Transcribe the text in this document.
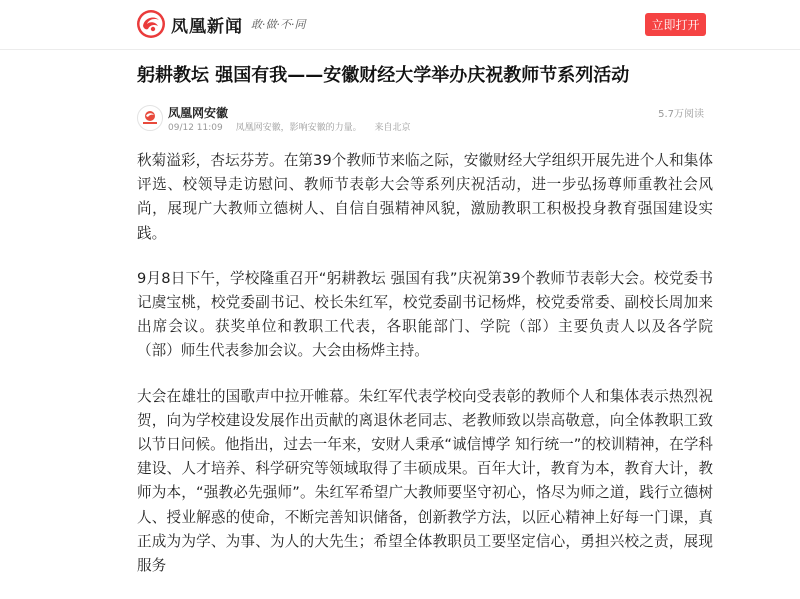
凤凰新闻 敢·做·不·同	立即打开
躬耕教坛 强国有我——安徽财经大学举办庆祝教师节系列活动
凤凰网安徽
09/12 11:09 凤凰网安徽，影响安徽的力量。 来自北京
5.7万阅读

秋菊溢彩，杏坛芬芳。在第39个教师节来临之际，安徽财经大学组织开展先进个人和集体评选、校领导走访慰问、教师节表彰大会等系列庆祝活动，进一步弘扬尊师重教社会风尚，展现广大教师立德树人、自信自强精神风貌，激励教职工积极投身教育强国建设实践。

9月8日下午，学校隆重召开“躬耕教坛 强国有我”庆祝第39个教师节表彰大会。校党委书记虞宝桃，校党委副书记、校长朱红军，校党委副书记杨烨，校党委常委、副校长周加来出席会议。获奖单位和教职工代表，各职能部门、学院（部）主要负责人以及各学院（部）师生代表参加会议。大会由杨烨主持。

大会在雄壮的国歌声中拉开帷幕。朱红军代表学校向受表彰的教师个人和集体表示热烈祝贺，向为学校建设发展作出贡献的离退休老同志、老教师致以崇高敬意，向全体教职工致以节日问候。他指出，过去一年来，安财人秉承“诚信博学 知行统一”的校训精神，在学科建设、人才培养、科学研究等领域取得了丰硕成果。百年大计，教育为本，教育大计，教师为本，“强教必先强师”。朱红军希望广大教师要坚守初心，恪尽为师之道，践行立德树人、授业解惑的使命，不断完善知识储备，创新教学方法，以匠心精神上好每一门课，真正成为为学、为事、为人的大先生；希望全体教职员工要坚定信心，勇担兴校之责，展现服务
